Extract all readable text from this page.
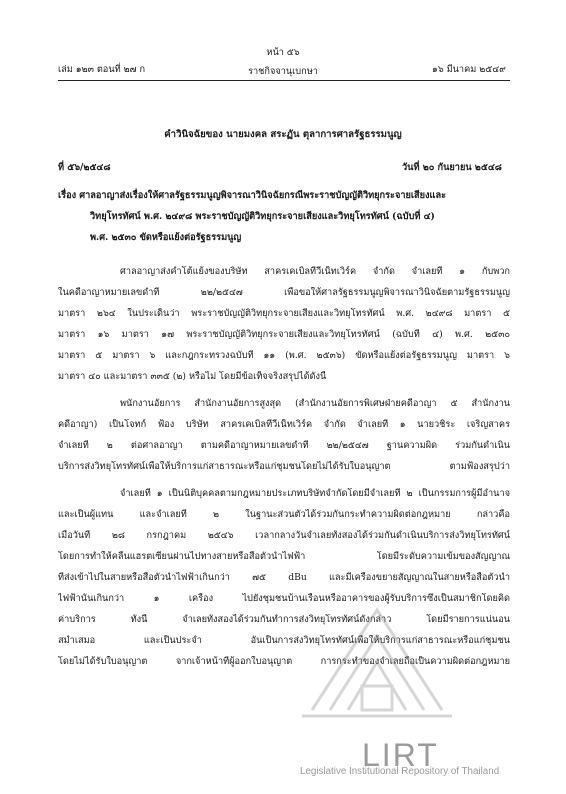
หน้า ๕๖
เล่ม ๑๒๓ ตอนที่ ๒๗ ก	ราชกิจจานุเบกษา	๑๖ มีนาคม ๒๕๔๙
คำวินิจฉัยของ นายมงคล สระฏัน ตุลาการศาลรัฐธรรมนูญ
ที่ ๕๖/๒๕๔๘	วันที่ ๒๐ กันยายน ๒๕๔๘
เรื่อง ศาลอาญาส่งเรื่องให้ศาลรัฐธรรมนูญพิจารณาวินิจฉัยกรณีพระราชบัญญัติวิทยุกระจายเสียงและ
วิทยุโทรทัศน์ พ.ศ. ๒๔๙๘ พระราชบัญญัติวิทยุกระจายเสียงและวิทยุโทรทัศน์ (ฉบับที่ ๔)
พ.ศ. ๒๕๓๐ ขัดหรือแย้งต่อรัฐธรรมนูญ
ศาลอาญาส่งคำโต้แย้งของบริษัท สาครเคเบิ้ลทีวีเน็ทเวิร์ค จำกัด จำเลยที่ ๑ กับพวก
ในคดีอาญาหมายเลขดำที่ ๒๒/๒๕๔๗ เพื่อขอให้ศาลรัฐธรรมนูญพิจารณาวินิจฉัยตามรัฐธรรมนูญ
มาตรา ๒๖๔ ในประเด็นว่า พระราชบัญญัติวิทยุกระจายเสียงและวิทยุโทรทัศน์ พ.ศ. ๒๔๙๘ มาตรา ๕
มาตรา ๑๖ มาตรา ๑๗ พระราชบัญญัติวิทยุกระจายเสียงและวิทยุโทรทัศน์ (ฉบับที่ ๔) พ.ศ. ๒๕๓๐
มาตรา ๕ มาตรา ๖ และกฎกระทรวงฉบับที่ ๑๑ (พ.ศ. ๒๕๓๖) ขัดหรือแย้งต่อรัฐธรรมนูญ มาตรา ๖
มาตรา ๔๐ และมาตรา ๓๓๕ (๒) หรือไม่ โดยมีข้อเท็จจริงสรุปได้ดังนี้
พนักงานอัยการ สำนักงานอัยการสูงสุด (สำนักงานอัยการพิเศษฝ่ายคดีอาญา ๕ สำนักงาน
คดีอาญา) เป็นโจทก์ ฟ้อง บริษัท สาครเคเบิ้ลทีวีเน็ทเวิร์ค จำกัด จำเลยที่ ๑ นายวชิระ เจริญสาคร
จำเลยที่ ๒ ต่อศาลอาญา ตามคดีอาญาหมายเลขดำที่ ๒๒/๒๕๔๗ ฐานความผิด ร่วมกันดำเนิน
บริการส่งวิทยุโทรทัศน์เพื่อให้บริการแก่สาธารณะหรือแก่ชุมชนโดยไม่ได้รับใบอนุญาต ตามฟ้องสรุปว่า
จำเลยที่ ๑ เป็นนิติบุคคลตามกฎหมายประเภทบริษัทจำกัดโดยมีจำเลยที่ ๒ เป็นกรรมการผู้มีอำนาจ
และเป็นผู้แทน และจำเลยที่ ๒ ในฐานะส่วนตัวได้ร่วมกันกระทำความผิดต่อกฎหมาย กล่าวคือ
เมื่อวันที่ ๒๘ กรกฎาคม ๒๕๔๖ เวลากลางวันจำเลยทั้งสองได้ร่วมกันดำเนินบริการส่งวิทยุโทรทัศน์
โดยการทำให้คลื่นแฮรตเซียนผ่านไปทางสายหรือสื่อตัวนำไฟฟ้า โดยมีระดับความเข้มของสัญญาณ
ที่ส่งเข้าไปในสายหรือสื่อตัวนำไฟฟ้าเกินกว่า ๗๕ dBu และมีเครื่องขยายสัญญาณในสายหรือสื่อตัวนำ
ไฟฟ้านั้นเกินกว่า ๑ เครื่อง ไปยังชุมชนบ้านเรือนหรืออาคารของผู้รับบริการซึ่งเป็นสมาชิกโดยคิด
ค่าบริการ ทั้งนี้ จำเลยทั้งสองได้ร่วมกันทำการส่งวิทยุโทรทัศน์ดังกล่าว โดยมีรายการแน่นอน
สม่ำเสมอ และเป็นประจำ อันเป็นการส่งวิทยุโทรทัศน์เพื่อให้บริการแก่สาธารณะหรือแก่ชุมชน
โดยไม่ได้รับใบอนุญาต จากเจ้าหน้าที่ผู้ออกใบอนุญาต การกระทำของจำเลยถือเป็นความผิดต่อกฎหมาย
LIRT
Legislative Institutional Repository of Thailand
